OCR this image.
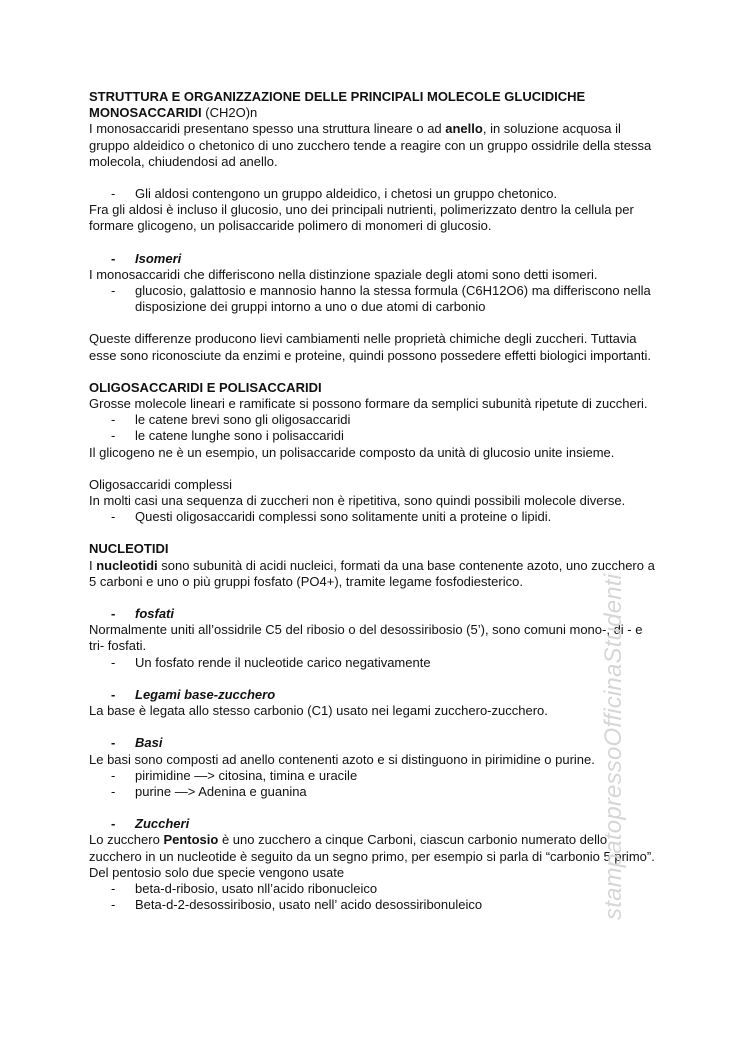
STRUTTURA E ORGANIZZAZIONE DELLE PRINCIPALI MOLECOLE GLUCIDICHE

MONOSACCARIDI (CH2O)n

I monosaccaridi presentano spesso una struttura lineare o ad anello, in soluzione acquosa il gruppo aldeidico o chetonico di uno zucchero tende a reagire con un gruppo ossidrile della stessa molecola, chiudendosi ad anello.

- Gli aldosi contengono un gruppo aldeidico, i chetosi un gruppo chetonico.

Fra gli aldosi è incluso il glucosio, uno dei principali nutrienti, polimerizzato dentro la cellula per formare glicogeno, un polisaccaride polimero di monomeri di glucosio.

- Isomeri

I monosaccaridi che differiscono nella distinzione spaziale degli atomi sono detti isomeri.

- glucosio, galattosio e mannosio hanno la stessa formula (C6H12O6) ma differiscono nella disposizione dei gruppi intorno a uno o due atomi di carbonio

Queste differenze producono lievi cambiamenti nelle proprietà chimiche degli zuccheri. Tuttavia esse sono riconosciute da enzimi e proteine, quindi possono possedere effetti biologici importanti.

OLIGOSACCARIDI E POLISACCARIDI

Grosse molecole lineari e ramificate si possono formare da semplici subunità ripetute di zuccheri.

- le catene brevi sono gli oligosaccaridi

- le catene lunghe sono i polisaccaridi

Il glicogeno ne è un esempio, un polisaccaride composto da unità di glucosio unite insieme.

Oligosaccaridi complessi

In molti casi una sequenza di zuccheri non è ripetitiva, sono quindi possibili molecole diverse.

- Questi oligosaccaridi complessi sono solitamente uniti a proteine o lipidi.

NUCLEOTIDI

I nucleotidi sono subunità di acidi nucleici, formati da una base contenente azoto, uno zucchero a 5 carboni e uno o più gruppi fosfato (PO4+), tramite legame fosfodiesterico.

- fosfati

Normalmente uniti all’ossidrile C5 del ribosio o del desossiribosio (5’), sono comuni mono-, di - e tri- fosfati.

- Un fosfato rende il nucleotide carico negativamente

- Legami base-zucchero

La base è legata allo stesso carbonio (C1) usato nei legami zucchero-zucchero.

- Basi

Le basi sono composti ad anello contenenti azoto e si distinguono in pirimidine o purine.

- pirimidine —> citosina, timina e uracile

- purine —> Adenina e guanina

- Zuccheri

Lo zucchero Pentosio è uno zucchero a cinque Carboni, ciascun carbonio numerato dello zucchero in un nucleotide è seguito da un segno primo, per esempio si parla di “carbonio 5 primo”.

Del pentosio solo due specie vengono usate

- beta-d-ribosio, usato nll’acido ribonucleico

- Beta-d-2-desossiribosio, usato nell’ acido desossiribonuleico	stampatopressoOfficinaStudenti
